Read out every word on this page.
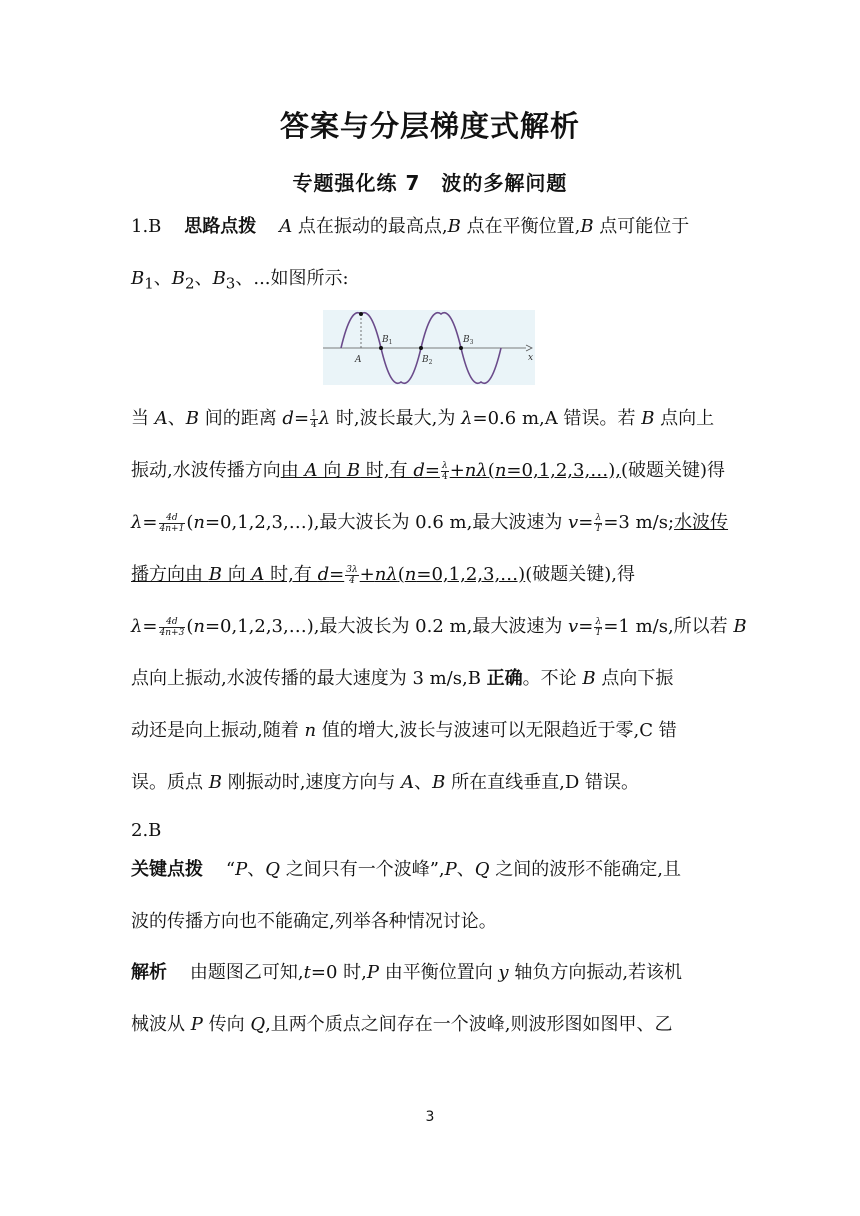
答案与分层梯度式解析
专题强化练 7　波的多解问题
1.B 思路点拨 A 点在振动的最高点,B 点在平衡位置,B 点可能位于
$B_1$、$B_2$、$B_3$、...如图所示:
x
A
$B_1$
$B_2$
$B_3$
当 A、B 间的距离 $d= \frac{1}{4}$ λ 时,波长最大,为 λ=0.6 m,A 错误。若 B 点向上
振动,水波传播方向由 A 向 B 时,有 $d= \frac{\lambda}{4}$ +nλ(n=0,1,2,3,…),(破题关键)得
$\lambda= \frac{4d}{4n+1}$ (n=0,1,2,3,…),最大波长为 0.6 m,最大波速为 $v= \frac{\lambda}{T} =3$ m/s;水波传
播方向由 B 向 A 时,有 $d= \frac{3\lambda}{4}$ +nλ(n=0,1,2,3,…)(破题关键),得
$\lambda= \frac{4d}{4n+3}$ (n=0,1,2,3,…),最大波长为 0.2 m,最大波速为 $v= \frac{\lambda}{T} =1$ m/s,所以若 B
点向上振动,水波传播的最大速度为 3 m/s,B 正确。不论 B 点向下振
动还是向上振动,随着 n 值的增大,波长与波速可以无限趋近于零,C 错
误。质点 B 刚振动时,速度方向与 A、B 所在直线垂直,D 错误。
2.B
关键点拨 “P、Q 之间只有一个波峰”,P、Q 之间的波形不能确定,且
波的传播方向也不能确定,列举各种情况讨论。
解析 由题图乙可知,t=0 时,P 由平衡位置向 y 轴负方向振动,若该机
械波从 P 传向 Q,且两个质点之间存在一个波峰,则波形图如图甲、乙
3
